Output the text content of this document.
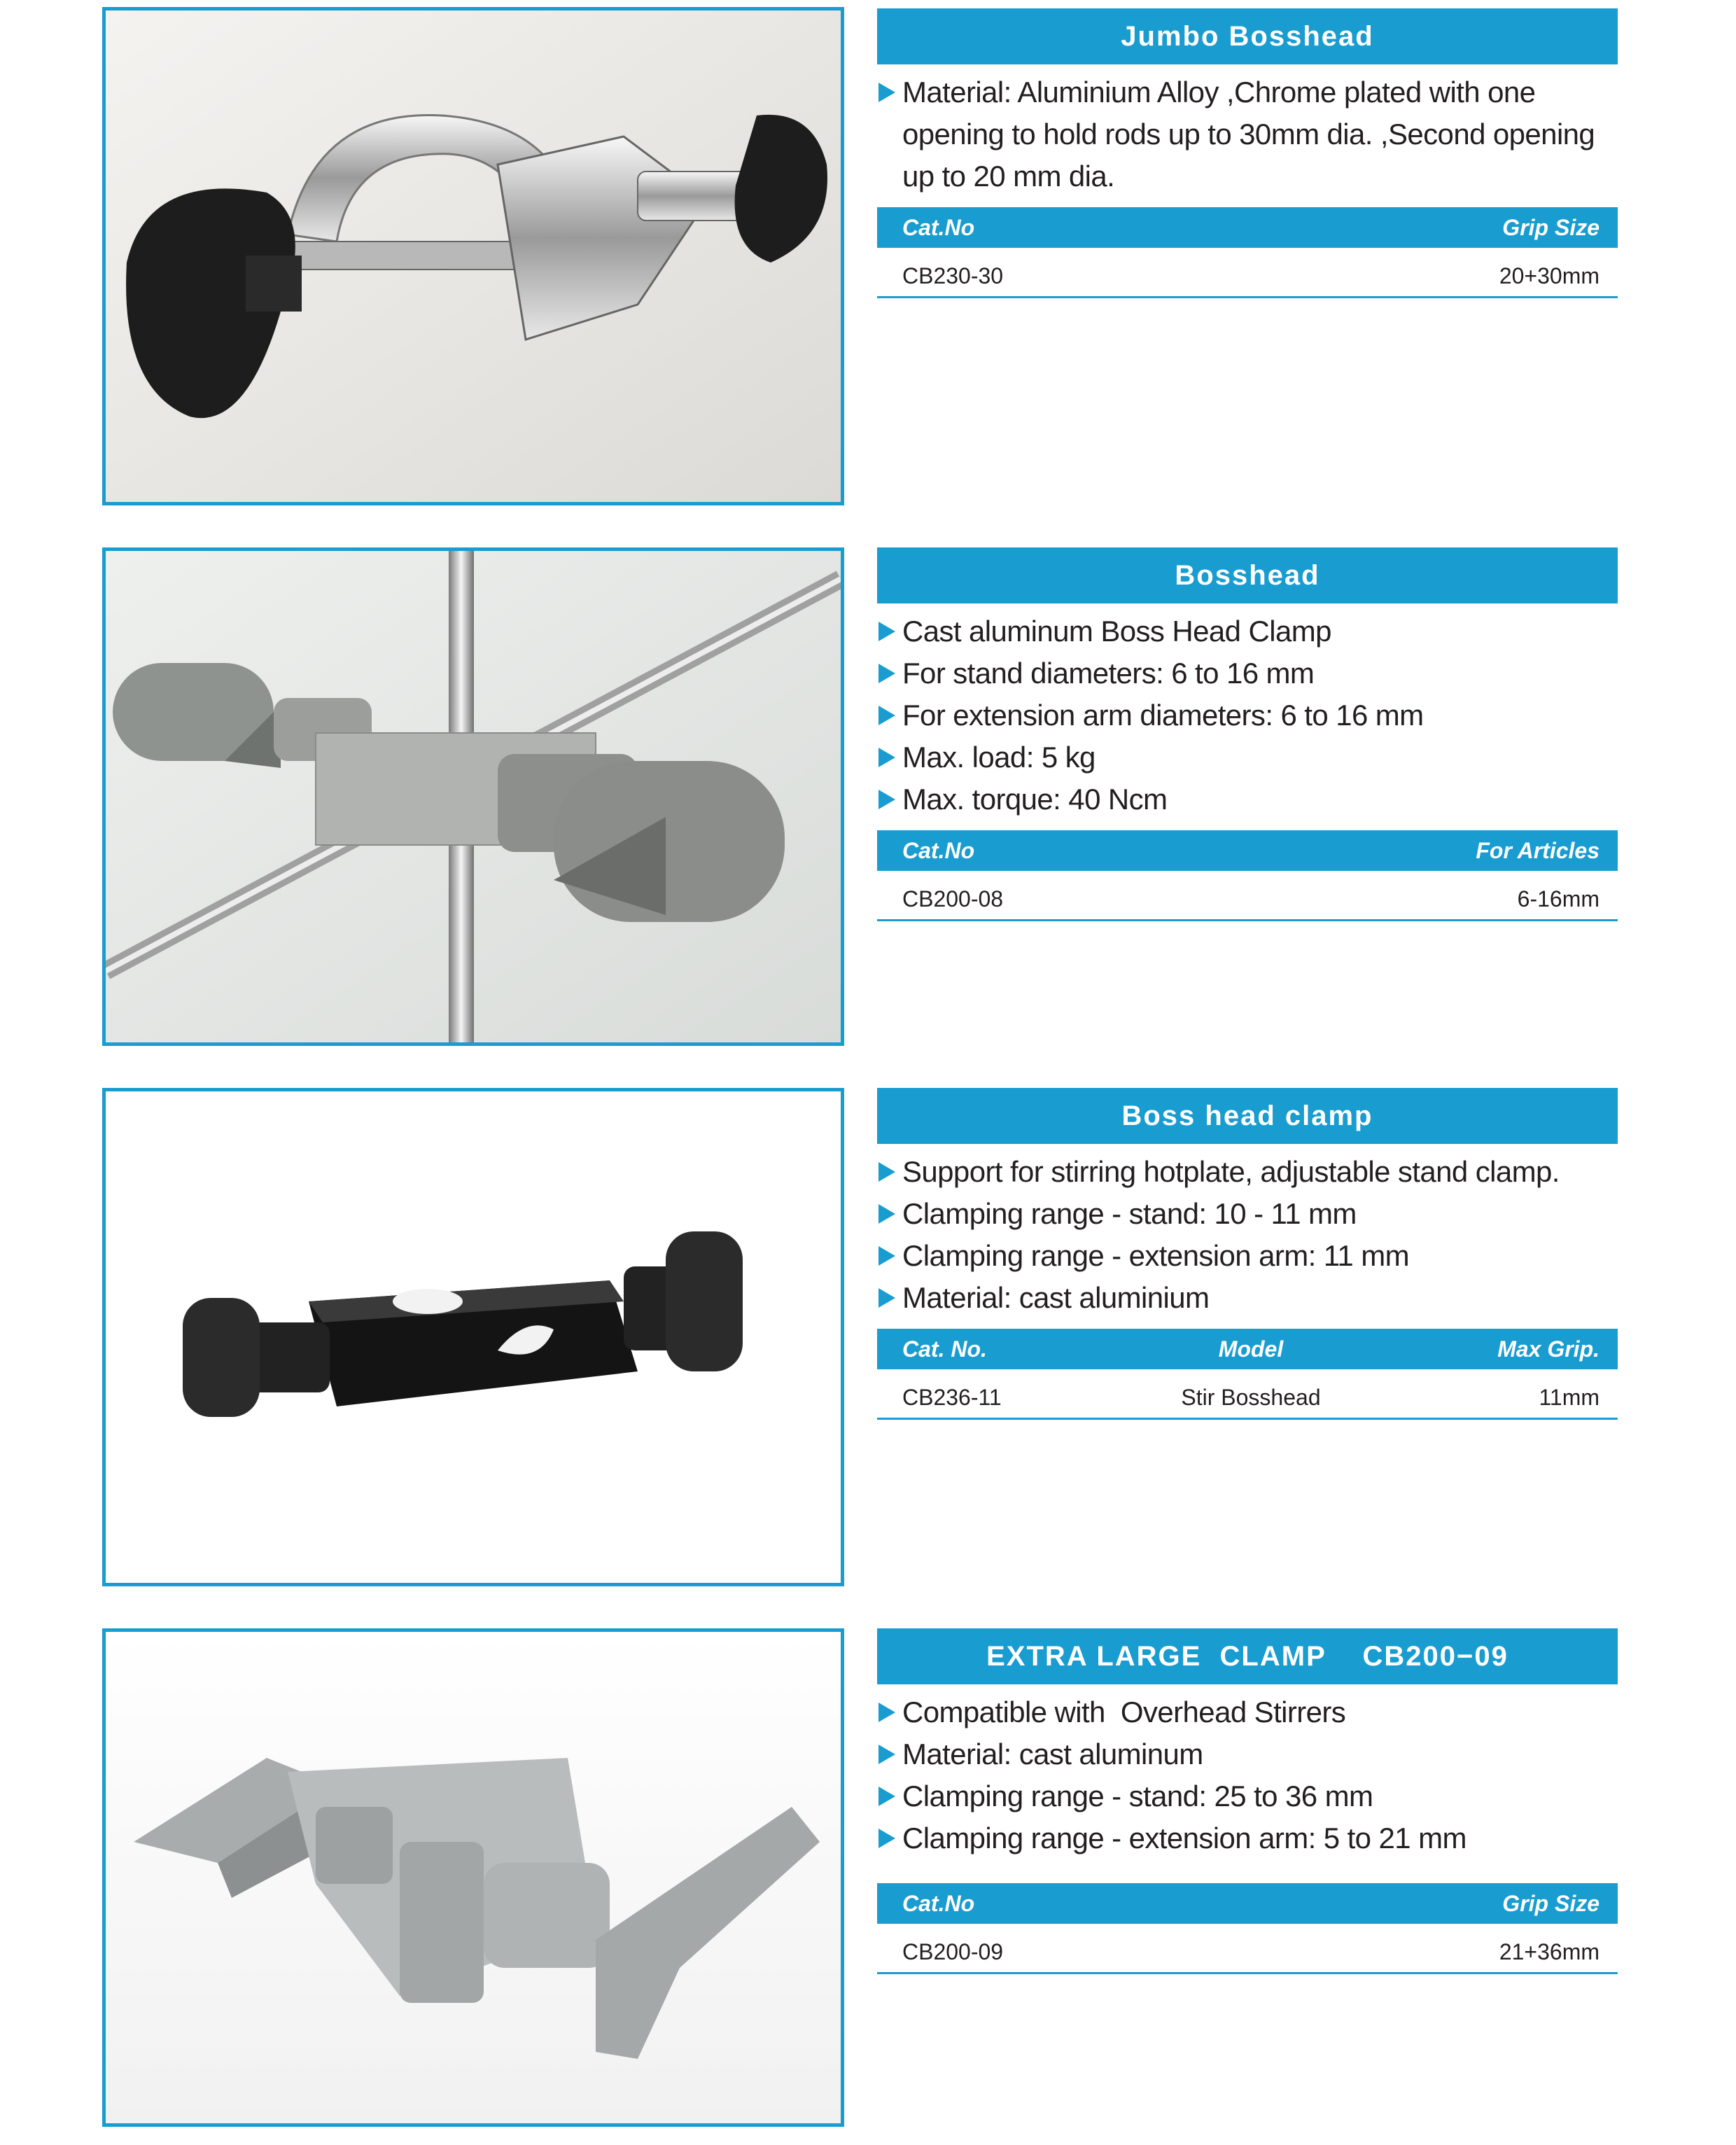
Jumbo Bosshead
Material: Aluminium Alloy ,Chrome plated with one opening to hold rods up to 30mm dia. ,Second opening up to 20 mm dia.
Cat.No	Grip Size
CB230-30	20+30mm
Bosshead
Cast aluminum Boss Head Clamp
For stand diameters: 6 to 16 mm
For extension arm diameters: 6 to 16 mm
Max. load: 5 kg
Max. torque: 40 Ncm
Cat.No	For Articles
CB200-08	6-16mm
Boss head clamp
Support for stirring hotplate, adjustable stand clamp.
Clamping range - stand: 10 - 11 mm
Clamping range - extension arm: 11 mm
Material: cast aluminium
Cat. No.	Model	Max Grip.
CB236-11	Stir Bosshead	11mm
EXTRA LARGE  CLAMP    CB200−09
Compatible with  Overhead Stirrers
Material: cast aluminum
Clamping range - stand: 25 to 36 mm
Clamping range - extension arm: 5 to 21 mm
Cat.No	Grip Size
CB200-09	21+36mm
